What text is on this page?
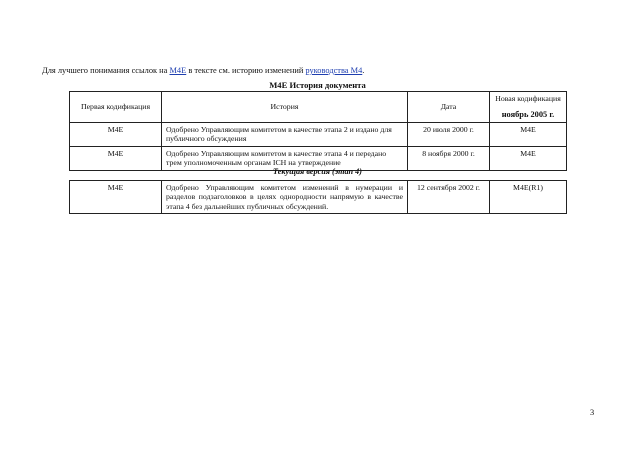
Для лучшего понимания ссылок на M4E в тексте см. историю изменений руководства M4.
M4E История документа
Первая кодификация	История	Дата	Новая кодификация
ноябрь 2005 г.

M4E	Одобрено Управляющим комитетом в качестве этапа 2 и издано для публичного обсуждения	20 июля 2000 г.	M4E
M4E	Одобрено Управляющим комитетом в качестве этапа 4 и передано трем уполномоченным органам ICH на утверждение	8 ноября 2000 г.	M4E
Текущая версия (этап 4)
M4E	Одобрено Управляющим комитетом изменений в нумерации и разделов подзаголовков в целях однородности напрямую в качестве этапа 4 без дальнейших публичных обсуждений.	12 сентября 2002 г.	M4E(R1)
3
